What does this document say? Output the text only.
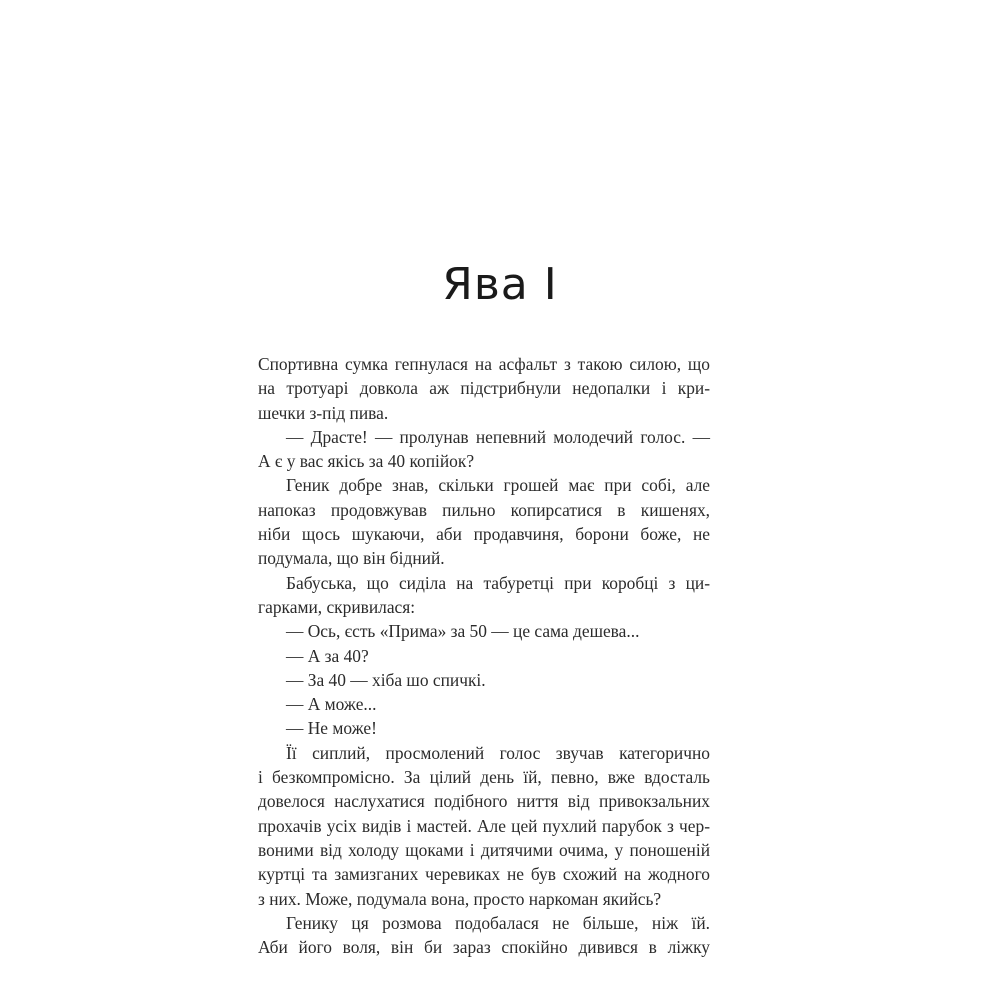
Ява І
Спортивна сумка гепнулася на асфальт з такою силою, що
на тротуарі довкола аж підстрибнули недопалки і кри-
шечки з-під пива.
— Драсте! — пролунав непевний молодечий голос. —
А є у вас якісь за 40 копійок?
Геник добре знав, скільки грошей має при собі, але
напоказ продовжував пильно копирсатися в кишенях,
ніби щось шукаючи, аби продавчиня, борони боже, не
подумала, що він бідний.
Бабуська, що сиділа на табуретці при коробці з ци-
гарками, скривилася:
— Ось, єсть «Прима» за 50 — це сама дешева...
— А за 40?
— За 40 — хіба шо спичкі.
— А може...
— Не може!
Її сиплий, просмолений голос звучав категорично
і безкомпромісно. За цілий день їй, певно, вже вдосталь
довелося наслухатися подібного ниття від привокзальних
прохачів усіх видів і мастей. Але цей пухлий парубок з чер-
воними від холоду щоками і дитячими очима, у поношеній
куртці та замизганих черевиках не був схожий на жодного
з них. Може, подумала вона, просто наркоман якийсь?
Генику ця розмова подобалася не більше, ніж їй.
Аби його воля, він би зараз спокійно дивився в ліжку
